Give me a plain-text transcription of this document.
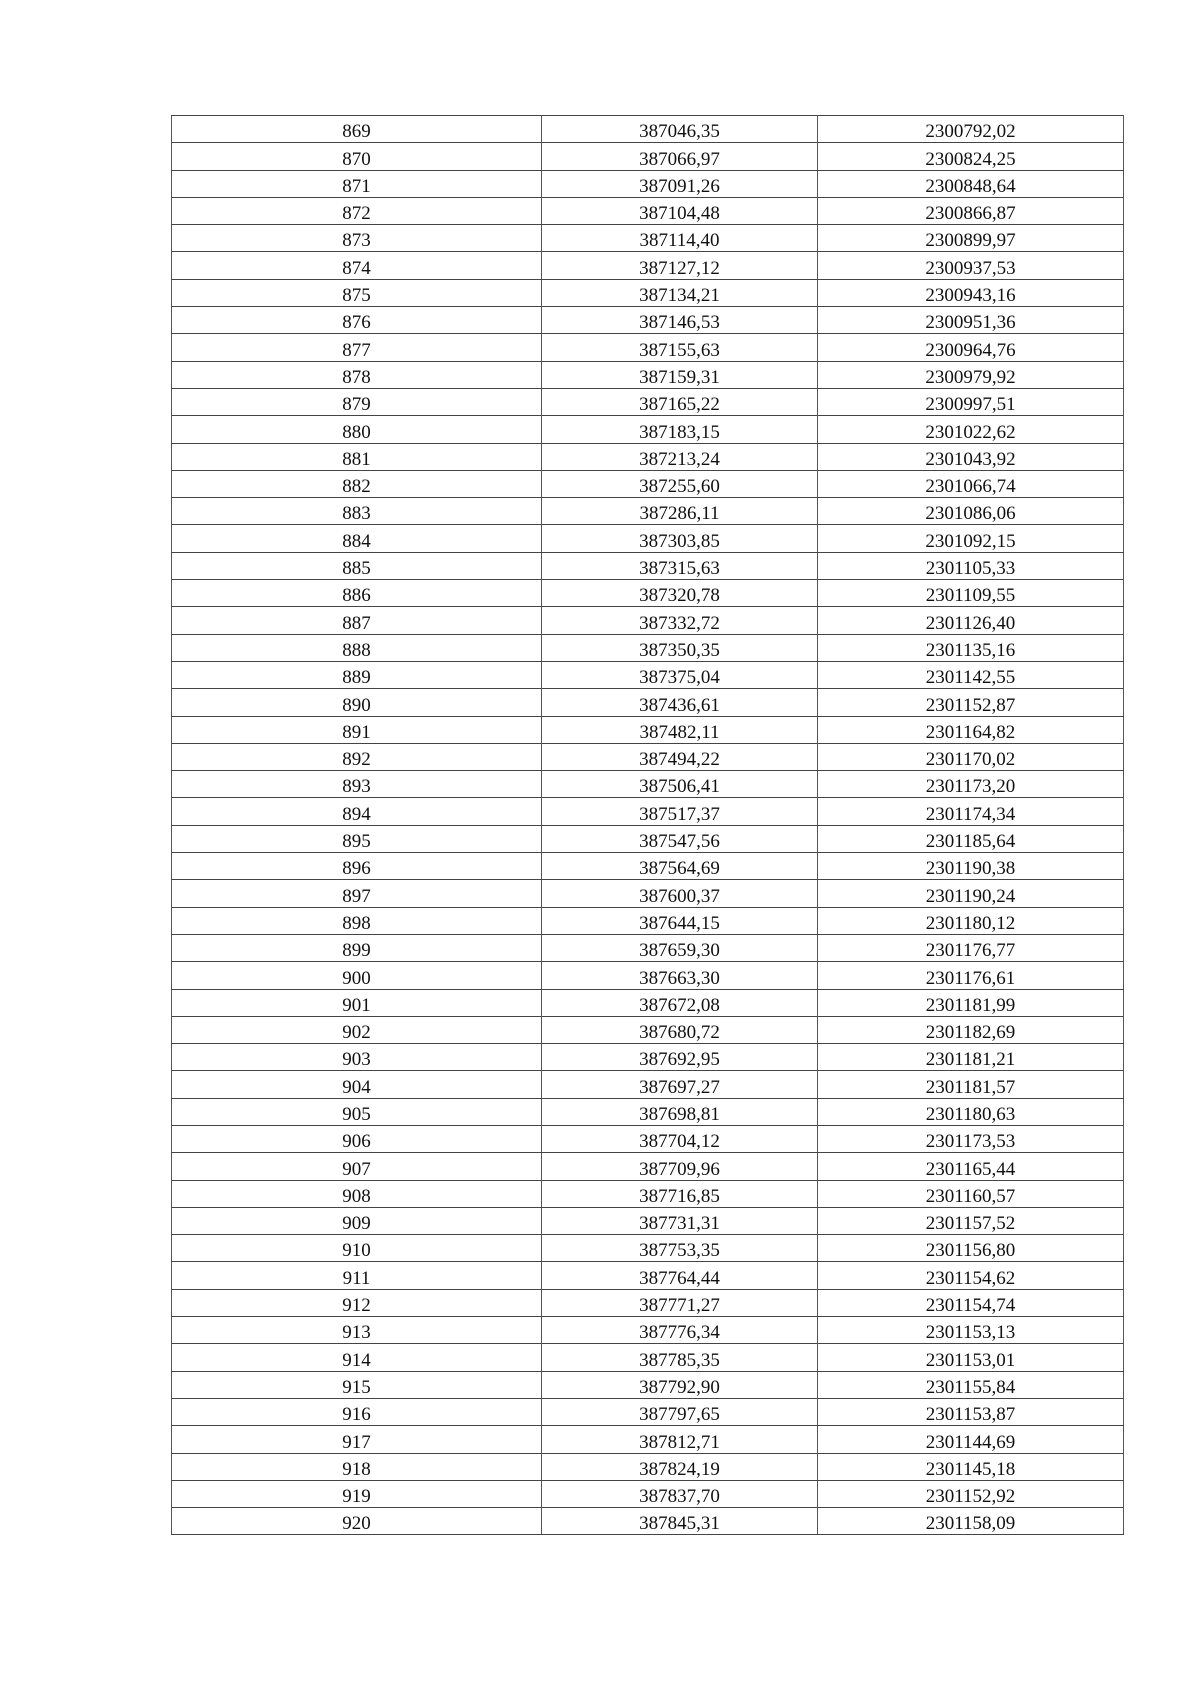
869	387046,35	2300792,02
870	387066,97	2300824,25
871	387091,26	2300848,64
872	387104,48	2300866,87
873	387114,40	2300899,97
874	387127,12	2300937,53
875	387134,21	2300943,16
876	387146,53	2300951,36
877	387155,63	2300964,76
878	387159,31	2300979,92
879	387165,22	2300997,51
880	387183,15	2301022,62
881	387213,24	2301043,92
882	387255,60	2301066,74
883	387286,11	2301086,06
884	387303,85	2301092,15
885	387315,63	2301105,33
886	387320,78	2301109,55
887	387332,72	2301126,40
888	387350,35	2301135,16
889	387375,04	2301142,55
890	387436,61	2301152,87
891	387482,11	2301164,82
892	387494,22	2301170,02
893	387506,41	2301173,20
894	387517,37	2301174,34
895	387547,56	2301185,64
896	387564,69	2301190,38
897	387600,37	2301190,24
898	387644,15	2301180,12
899	387659,30	2301176,77
900	387663,30	2301176,61
901	387672,08	2301181,99
902	387680,72	2301182,69
903	387692,95	2301181,21
904	387697,27	2301181,57
905	387698,81	2301180,63
906	387704,12	2301173,53
907	387709,96	2301165,44
908	387716,85	2301160,57
909	387731,31	2301157,52
910	387753,35	2301156,80
911	387764,44	2301154,62
912	387771,27	2301154,74
913	387776,34	2301153,13
914	387785,35	2301153,01
915	387792,90	2301155,84
916	387797,65	2301153,87
917	387812,71	2301144,69
918	387824,19	2301145,18
919	387837,70	2301152,92
920	387845,31	2301158,09
